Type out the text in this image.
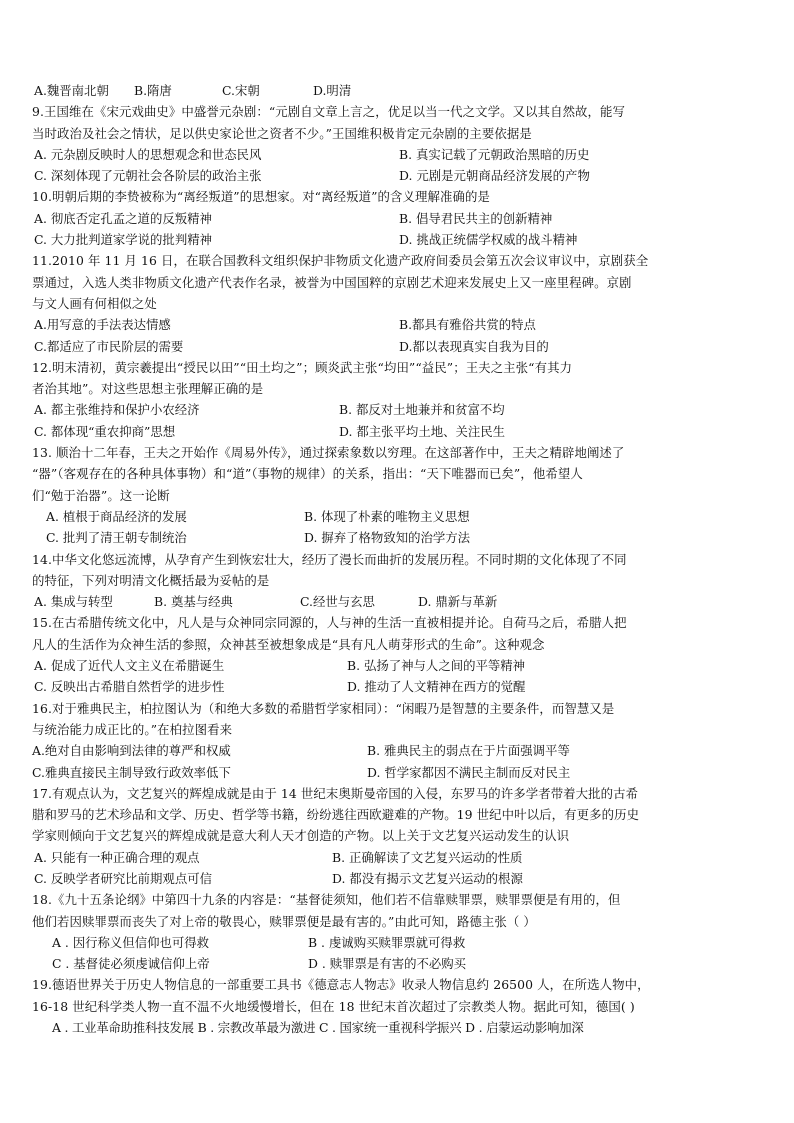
A.魏晋南北朝	B.隋唐	C.宋朝	D.明清
9.王国维在《宋元戏曲史》中盛誉元杂剧：“元剧自文章上言之，优足以当一代之文学。又以其自然故，能写
当时政治及社会之情状，足以供史家论世之资者不少。”王国维积极肯定元杂剧的主要依据是
A. 元杂剧反映时人的思想观念和世态民风	B. 真实记载了元朝政治黑暗的历史
C. 深刻体现了元朝社会各阶层的政治主张	D. 元剧是元朝商品经济发展的产物
10.明朝后期的李贽被称为“离经叛道”的思想家。对“离经叛道”的含义理解准确的是
A. 彻底否定孔孟之道的反叛精神	B. 倡导君民共主的创新精神
C. 大力批判道家学说的批判精神	D. 挑战正统儒学权威的战斗精神
11.2010 年 11 月 16 日，在联合国教科文组织保护非物质文化遗产政府间委员会第五次会议审议中，京剧获全
票通过，入选人类非物质文化遗产代表作名录，被誉为中国国粹的京剧艺术迎来发展史上又一座里程碑。京剧
与文人画有何相似之处
A.用写意的手法表达情感	B.都具有雅俗共赏的特点
C.都适应了市民阶层的需要	D.都以表现真实自我为目的
12.明末清初，黄宗羲提出“授民以田”“田土均之”；顾炎武主张“均田”“益民”；王夫之主张“有其力
者治其地”。对这些思想主张理解正确的是
A. 都主张维持和保护小农经济	B. 都反对土地兼并和贫富不均
C. 都体现“重农抑商”思想	D. 都主张平均土地、关注民生
13. 顺治十二年春，王夫之开始作《周易外传》，通过探索象数以穷理。在这部著作中，王夫之精辟地阐述了
“器”（客观存在的各种具体事物）和“道”（事物的规律）的关系，指出：“天下唯器而已矣”，他希望人
们“勉于治器”。这一论断
A. 植根于商品经济的发展	B. 体现了朴素的唯物主义思想
C. 批判了清王朝专制统治	D. 摒弃了格物致知的治学方法
14.中华文化悠远流博，从孕育产生到恢宏壮大，经历了漫长而曲折的发展历程。不同时期的文化体现了不同
的特征，下列对明清文化概括最为妥帖的是
A. 集成与转型	B. 奠基与经典	C.经世与玄思	D. 鼎新与革新
15.在古希腊传统文化中，凡人是与众神同宗同源的，人与神的生活一直被相提并论。自荷马之后，希腊人把
凡人的生活作为众神生活的参照，众神甚至被想象成是“具有凡人萌芽形式的生命”。这种观念
A. 促成了近代人文主义在希腊诞生	B. 弘扬了神与人之间的平等精神
C. 反映出古希腊自然哲学的进步性	D. 推动了人文精神在西方的觉醒
16.对于雅典民主，柏拉图认为（和绝大多数的希腊哲学家相同）：“闲暇乃是智慧的主要条件，而智慧又是
与统治能力成正比的。”在柏拉图看来
A.绝对自由影响到法律的尊严和权威	B. 雅典民主的弱点在于片面强调平等
C.雅典直接民主制导致行政效率低下	D. 哲学家都因不满民主制而反对民主
17.有观点认为，文艺复兴的辉煌成就是由于 14 世纪末奥斯曼帝国的入侵，东罗马的许多学者带着大批的古希
腊和罗马的艺术珍品和文学、历史、哲学等书籍，纷纷逃往西欧避难的产物。19 世纪中叶以后，有更多的历史
学家则倾向于文艺复兴的辉煌成就是意大利人天才创造的产物。以上关于文艺复兴运动发生的认识
A. 只能有一种正确合理的观点	B. 正确解读了文艺复兴运动的性质
C. 反映学者研究比前期观点可信	D. 都没有揭示文艺复兴运动的根源
18.《九十五条论纲》中第四十九条的内容是：“基督徒须知，他们若不信靠赎罪票，赎罪票便是有用的，但
他们若因赎罪票而丧失了对上帝的敬畏心，赎罪票便是最有害的。”由此可知，路德主张（ ）
A . 因行称义但信仰也可得救	B . 虔诚购买赎罪票就可得救
C . 基督徒必须虔诚信仰上帝	D . 赎罪票是有害的不必购买
19.德语世界关于历史人物信息的一部重要工具书《德意志人物志》收录人物信息约 26500 人，在所选人物中，
16-18 世纪科学类人物一直不温不火地缓慢增长，但在 18 世纪末首次超过了宗教类人物。据此可知，德国( )
A . 工业革命助推科技发展 B . 宗教改革最为激进 C . 国家统一重视科学振兴 D . 启蒙运动影响加深
